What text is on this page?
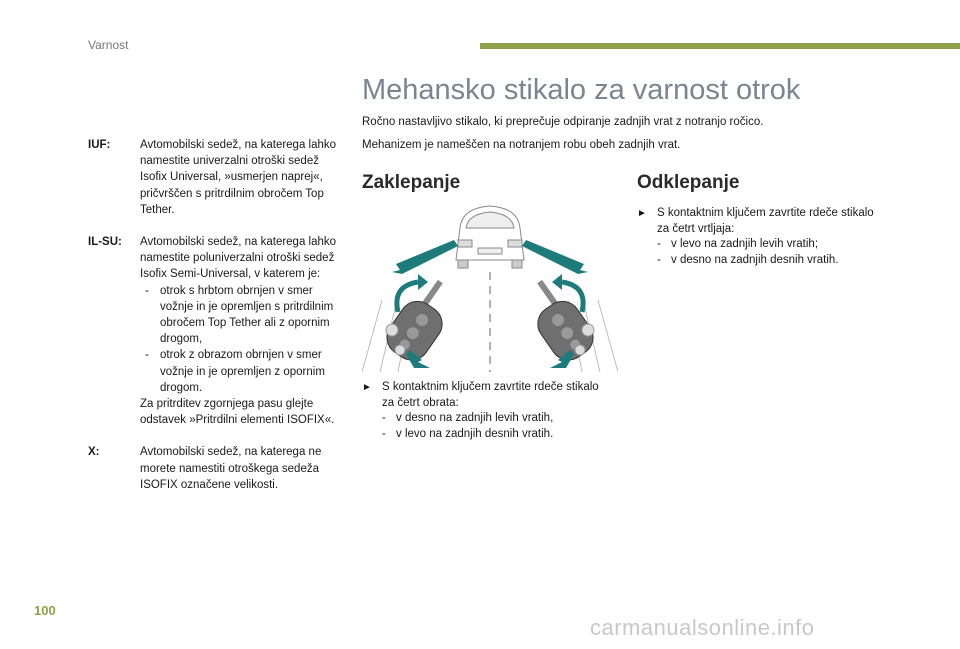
Varnost
Mehansko stikalo za varnost otrok

Ročno nastavljivo stikalo, ki preprečuje odpiranje zadnjih vrat z notranjo ročico.

Mehanizem je nameščen na notranjem robu obeh zadnjih vrat.

IUF:	Avtomobilski sedež, na katerega lahko namestite univerzalni otroški sedež Isofix Universal, »usmerjen naprej«, pričvrščen s pritrdilnim obročem Top Tether.

IL-SU:	Avtomobilski sedež, na katerega lahko namestite poluniverzalni otroški sedež Isofix Semi-Universal, v katerem je:

- otrok s hrbtom obrnjen v smer vožnje in je opremljen s pritrdilnim obročem Top Tether ali z opornim drogom,
- otrok z obrazom obrnjen v smer vožnje in je opremljen z opornim drogom.

Za pritrditev zgornjega pasu glejte odstavek »Pritrdilni elementi ISOFIX«.

X:	Avtomobilski sedež, na katerega ne morete namestiti otroškega sedeža ISOFIX označene velikosti.

Zaklepanje	Odklepanje
► S kontaktnim ključem zavrtite rdeče stikalo za četrt obrata:
- v desno na zadnjih levih vratih,
- v levo na zadnjih desnih vratih.
► S kontaktnim ključem zavrtite rdeče stikalo za četrt vrtljaja:
- v levo na zadnjih levih vratih;
- v desno na zadnjih desnih vratih.
100
carmanualsonline.info
